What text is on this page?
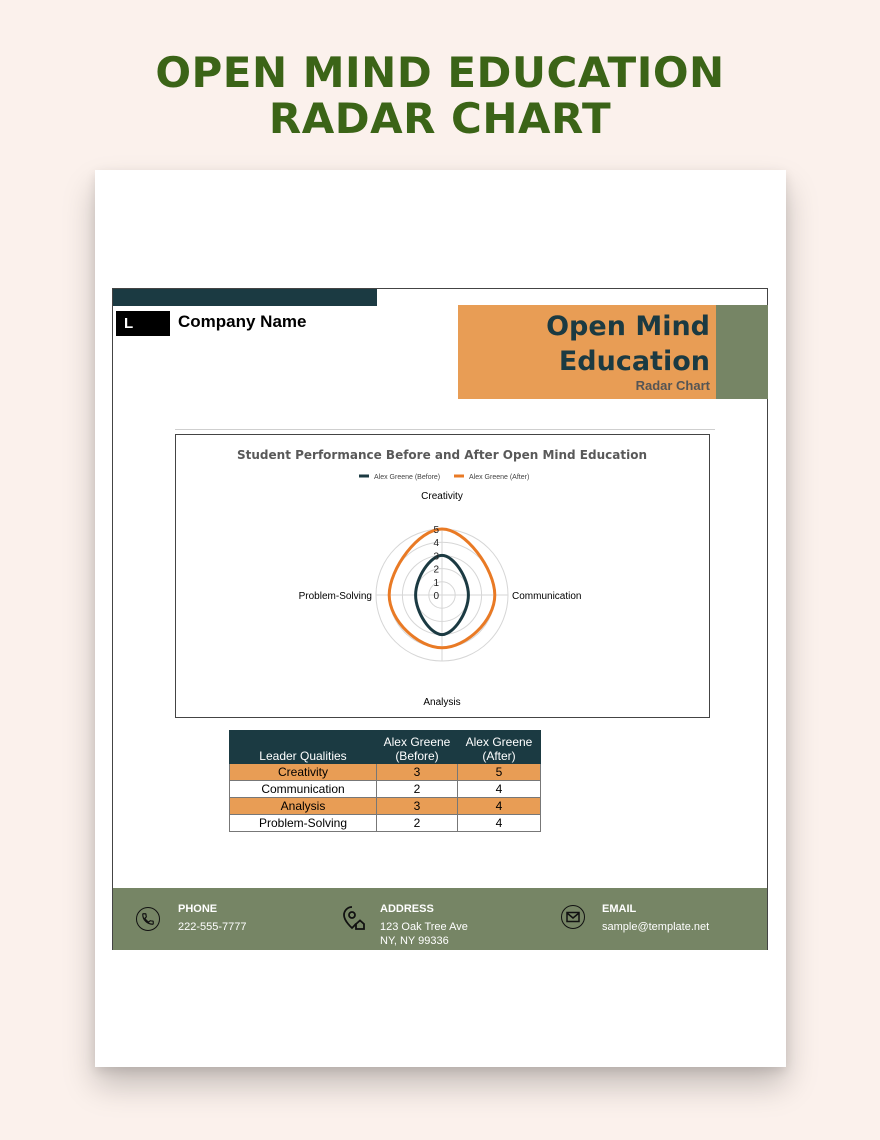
OPEN MIND EDUCATION
RADAR CHART
L	Company Name	Open Mind
Education
Radar Chart
Student Performance Before and After Open Mind Education
Alex Greene (Before)	Alex Greene (After)
0
1
2
3
4
5
Creativity
Communication
Analysis
Problem-Solving
Leader Qualities	Alex Greene (Before)	Alex Greene (After)
Creativity	3	5
Communication	2	4
Analysis	3	4
Problem-Solving	2	4
PHONE
222-555-7777
ADDRESS
123 Oak Tree Ave
NY, NY 99336
EMAIL
sample@template.net
